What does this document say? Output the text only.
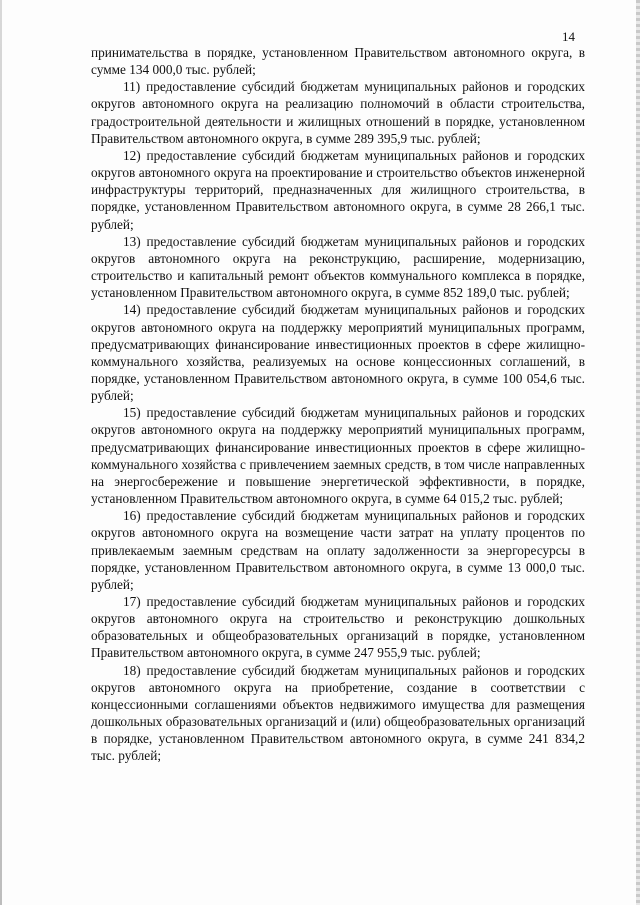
14

принимательства в порядке, установленном Правительством автономного округа, в сумме 134 000,0 тыс. рублей;

11) предоставление субсидий бюджетам муниципальных районов и городских округов автономного округа на реализацию полномочий в области строительства, градостроительной деятельности и жилищных отношений в порядке, установленном Правительством автономного округа, в сумме 289 395,9 тыс. рублей;

12) предоставление субсидий бюджетам муниципальных районов и городских округов автономного округа на проектирование и строительство объектов инженерной инфраструктуры территорий, предназначенных для жилищного строительства, в порядке, установленном Правительством автономного округа, в сумме 28 266,1 тыс. рублей;

13) предоставление субсидий бюджетам муниципальных районов и городских округов автономного округа на реконструкцию, расширение, модернизацию, строительство и капитальный ремонт объектов коммунального комплекса в порядке, установленном Правительством автономного округа, в сумме 852 189,0 тыс. рублей;

14) предоставление субсидий бюджетам муниципальных районов и городских округов автономного округа на поддержку мероприятий муниципальных программ, предусматривающих финансирование инвестиционных проектов в сфере жилищно-коммунального хозяйства, реализуемых на основе концессионных соглашений, в порядке, установленном Правительством автономного округа, в сумме 100 054,6 тыс. рублей;

15) предоставление субсидий бюджетам муниципальных районов и городских округов автономного округа на поддержку мероприятий муниципальных программ, предусматривающих финансирование инвестиционных проектов в сфере жилищно-коммунального хозяйства с привлечением заемных средств, в том числе направленных на энергосбережение и повышение энергетической эффективности, в порядке, установленном Правительством автономного округа, в сумме 64 015,2 тыс. рублей;

16) предоставление субсидий бюджетам муниципальных районов и городских округов автономного округа на возмещение части затрат на уплату процентов по привлекаемым заемным средствам на оплату задолженности за энергоресурсы в порядке, установленном Правительством автономного округа, в сумме 13 000,0 тыс. рублей;

17) предоставление субсидий бюджетам муниципальных районов и городских округов автономного округа на строительство и реконструкцию дошкольных образовательных и общеобразовательных организаций в порядке, установленном Правительством автономного округа, в сумме 247 955,9 тыс. рублей;

18) предоставление субсидий бюджетам муниципальных районов и городских округов автономного округа на приобретение, создание в соответствии с концессионными соглашениями объектов недвижимого имущества для размещения дошкольных образовательных организаций и (или) общеобразовательных организаций в порядке, установленном Правительством автономного округа, в сумме 241 834,2 тыс. рублей;
